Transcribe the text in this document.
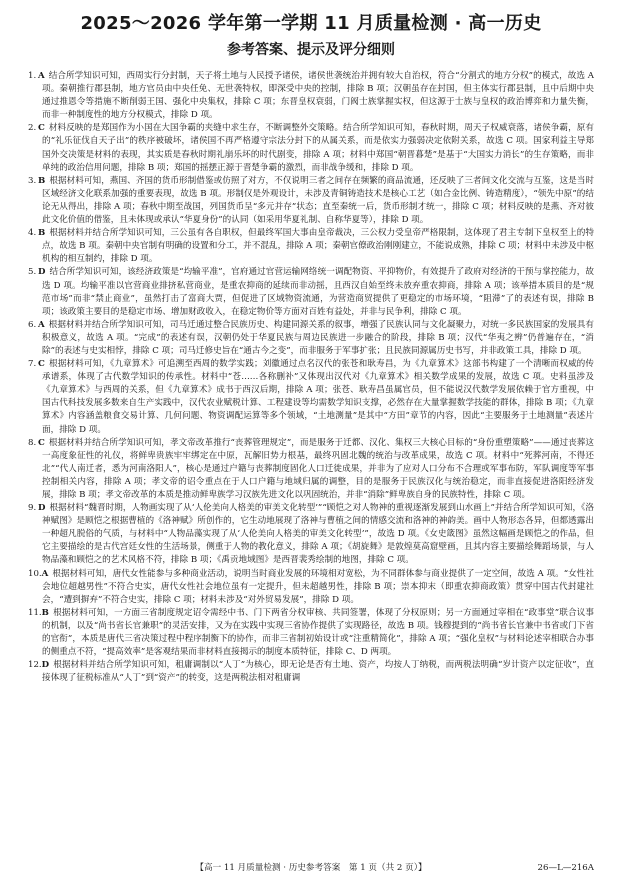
2025～2026 学年第一学期 11 月质量检测 · 高一历史
参考答案、提示及评分细则

1. A 结合所学知识可知，西周实行分封制，天子将土地与人民授予诸侯，诸侯世袭统治并拥有较大自治权，符合“分割式的地方分权”的模式，故选 A 项。秦朝推行郡县制，地方官员由中央任免、无世袭特权，即深受中央的控制，排除 B 项；汉朝虽存在封国，但主体实行郡县制，且中后期中央通过推恩令等措施不断削弱王国、强化中央集权，排除 C 项；东晋皇权衰弱，门阀士族掌握实权，但这源于士族与皇权的政治博弈和力量失衡，而非一种制度性的地方分权模式，排除 D 项。

2. C 材料反映的是郑国作为小国在大国争霸的夹缝中求生存，不断调整外交策略。结合所学知识可知，春秋时期，周天子权威衰落，诸侯争霸，原有的“礼乐征伐自天子出”的秩序被破坏，诸侯国不再严格遵守宗法分封下的从属关系，而是依实力强弱决定依附关系，故选 C 项。国家利益主导郑国外交决策是材料的表现，其实质是春秋时期礼崩乐坏的时代剧变，排除 A 项；材料中郑国“朝晋暮楚”是基于“大国实力消长”的生存策略，而非单纯的政治信用问题，排除 B 项；郑国的摇摆正源于晋楚争霸的激烈，而非战争缓和，排除 D 项。

3. B 根据材料可知，燕国、齐国的货币形制借鉴或仿照了对方，不仅说明三者之间存在频繁的商品流通，还反映了三者间文化交流与互鉴，这是当时区域经济文化联系加强的重要表现，故选 B 项。形制仅是外观设计，未涉及青铜铸造技术是核心工艺（如合金比例、铸造精度），“领先中原”的结论无从得出，排除 A 项；春秋中期至战国，列国货币呈“多元并存”状态；直至秦统一后，货币形制才统一，排除 C 项；材料反映的是燕、齐对彼此文化价值的借鉴，且未体现或承认“华夏身份”的认同（如采用华夏礼制、自称华夏等），排除 D 项。

4. B 根据材料并结合所学知识可知，三公虽有各自职权，但最终军国大事由皇帝裁决，三公权力受皇帝严格限制，这体现了君主专制下皇权至上的特点，故选 B 项。秦朝中央官制有明确的设置和分工，并不混乱，排除 A 项；秦朝官僚政治刚刚建立，不能说成熟，排除 C 项；材料中未涉及中枢机构的相互制约，排除 D 项。

5. D 结合所学知识可知，该经济政策是“均输平准”，官府通过官营运输网络统一调配物资、平抑物价，有效提升了政府对经济的干预与掌控能力，故选 D 项。均输平准以官营商业排挤私营商业，是重农抑商的延续而非动摇，且西汉自始至终未放弃重农抑商，排除 A 项；该举措本质目的是“规范市场”而非“禁止商业”，虽然打击了富商大贾，但促进了区域物资流通，为营造商贸提供了更稳定的市场环境，“阻滞”了的表述有误，排除 B 项；该政策主要目的是稳定市场、增加财政收入，在稳定物价等方面对百姓有益处，并非与民争利，排除 C 项。

6. A 根据材料并结合所学知识可知，司马迁通过整合民族历史、构建同源关系的叙事，增强了民族认同与文化凝聚力，对统一多民族国家的发展具有积极意义，故选 A 项。“完成”的表述有误，汉朝仍处于华夏民族与周边民族进一步融合的阶段，排除 B 项；汉代“华夷之辨”仍普遍存在，“消除”的表述与史实相悖，排除 C 项；司马迁修史旨在“通古今之变”，而非服务于军事扩张；且民族同源属历史书写，并非政策工具，排除 D 项。

7. C 根据材料可知，《九章算术》可追溯至西周的数学实践；刘徽通过点名汉代的张苍和耿寿昌，为《九章算术》这部书构建了一个清晰而权威的传承谱系，体现了古代数学知识的传承性。材料中“苍……各称删补”又体现出汉代对《九章算术》相关数学成果的发展，故选 C 项。史料虽涉及《九章算术》与西周的关系，但《九章算术》成书于西汉后期，排除 A 项；张苍、耿寿昌虽属官员，但不能说汉代数学发展依赖于官方重视，中国古代科技发展多数来自生产实践中，汉代农业赋税计算、工程建设等均需数学知识支撑，必然存在大量掌握数学技能的群体，排除 B 项；《九章算术》内容涵盖粮食交易计算、几何问题、物资调配运算等多个领域，“土地测量”是其中“方田”章节的内容，因此“主要服务于土地测量”表述片面，排除 D 项。

8. C 根据材料并结合所学知识可知，孝文帝改革推行“丧葬管理规定”，而是服务于迁都、汉化、集权三大核心目标的“身份重塑策略”——通过丧葬这一高度象征性的礼仪，将鲜卑贵族牢牢绑定在中原，瓦解旧势力根基，最终巩固北魏的统治与改革成果，故选 C 项。材料中“死葬河南，不得还北”“代人南迁者，悉为河南洛阳人”，核心是通过户籍与丧葬制度固化人口迁徙成果，并非为了应对人口分布不合理或军事布防，军队调度等军事控制相关内容，排除 A 项；孝文帝的诏令重点在于人口户籍与地域归属的调整，目的是服务于民族汉化与统治稳定，而非直接促进洛阳经济发展，排除 B 项；孝文帝改革的本质是推动鲜卑族学习汉族先进文化以巩固统治，并非“消除”鲜卑族自身的民族特性，排除 C 项。

9. D 根据材料“魏晋时期，人物画实现了从‘人伦美向人格美的审美文化转型’”“顾恺之对人物神的重视逐渐发展到山水画上”并结合所学知识可知，《洛神赋图》是顾恺之根据曹植的《洛神赋》所创作的，它生动地展现了洛神与曹植之间的情感交流和洛神的神韵美。画中人物形态各异，但都透露出一种超凡脱俗的气质，与材料中“人物品藻实现了从‘人伦美向人格美的审美文化转型’”，故选 D 项。《女史箴图》虽然这幅画是顾恺之的作品，但它主要描绘的是古代宫廷女性的生活场景，侧重于人物的教化意义，排除 A 项；《胡旋舞》是敦煌莫高窟壁画，且其内容主要描绘舞蹈场景，与人物品藻和顾恺之的艺术风格不符，排除 B 项；《禹贡地域图》是西晋裴秀绘制的地图，排除 C 项。

10.A 根据材料可知，唐代女性能参与多种商业活动，说明当时商业发展的环境相对宽松，为不同群体参与商业提供了一定空间，故选 A 项。“女性社会地位超越男性”不符合史实，唐代女性社会地位虽有一定提升，但未超越男性，排除 B 项；崇本抑末（即重农抑商政策）贯穿中国古代封建社会，“遭到摒弃”不符合史实，排除 C 项；材料未涉及“对外贸易发展”，排除 D 项。

11.B 根据材料可知，一方面三省制度规定诏令需经中书、门下两省分权审核、共同签署，体现了分权原则；另一方面通过宰相在“政事堂”联合议事的机制，以及“尚书省长官兼职”的灵活安排，又为在实践中实现三省协作提供了实现路径，故选 B 项。钱穆提到的“尚书省长官兼中书省或门下省的官衔”，本质是唐代三省决策过程中程序制衡下的协作，而非三省制初始设计或“注重精简化”，排除 A 项；“强化皇权”与材料论述宰相联合办事的侧重点不符，“提高效率”是客观结果而非材料直接揭示的制度本质特征，排除 C、D 两项。

12.D 根据材料并结合所学知识可知，租庸调制以“人丁”为核心，即无论是否有土地、资产，均按人丁纳税，而两税法明确“岁计资产以定征收”，直接体现了征税标准从“人丁”到“资产”的转变，这是两税法相对租庸调

【高一 11 月质量检测 · 历史参考答案　第 1 页（共 2 页）】	26—L—216A
